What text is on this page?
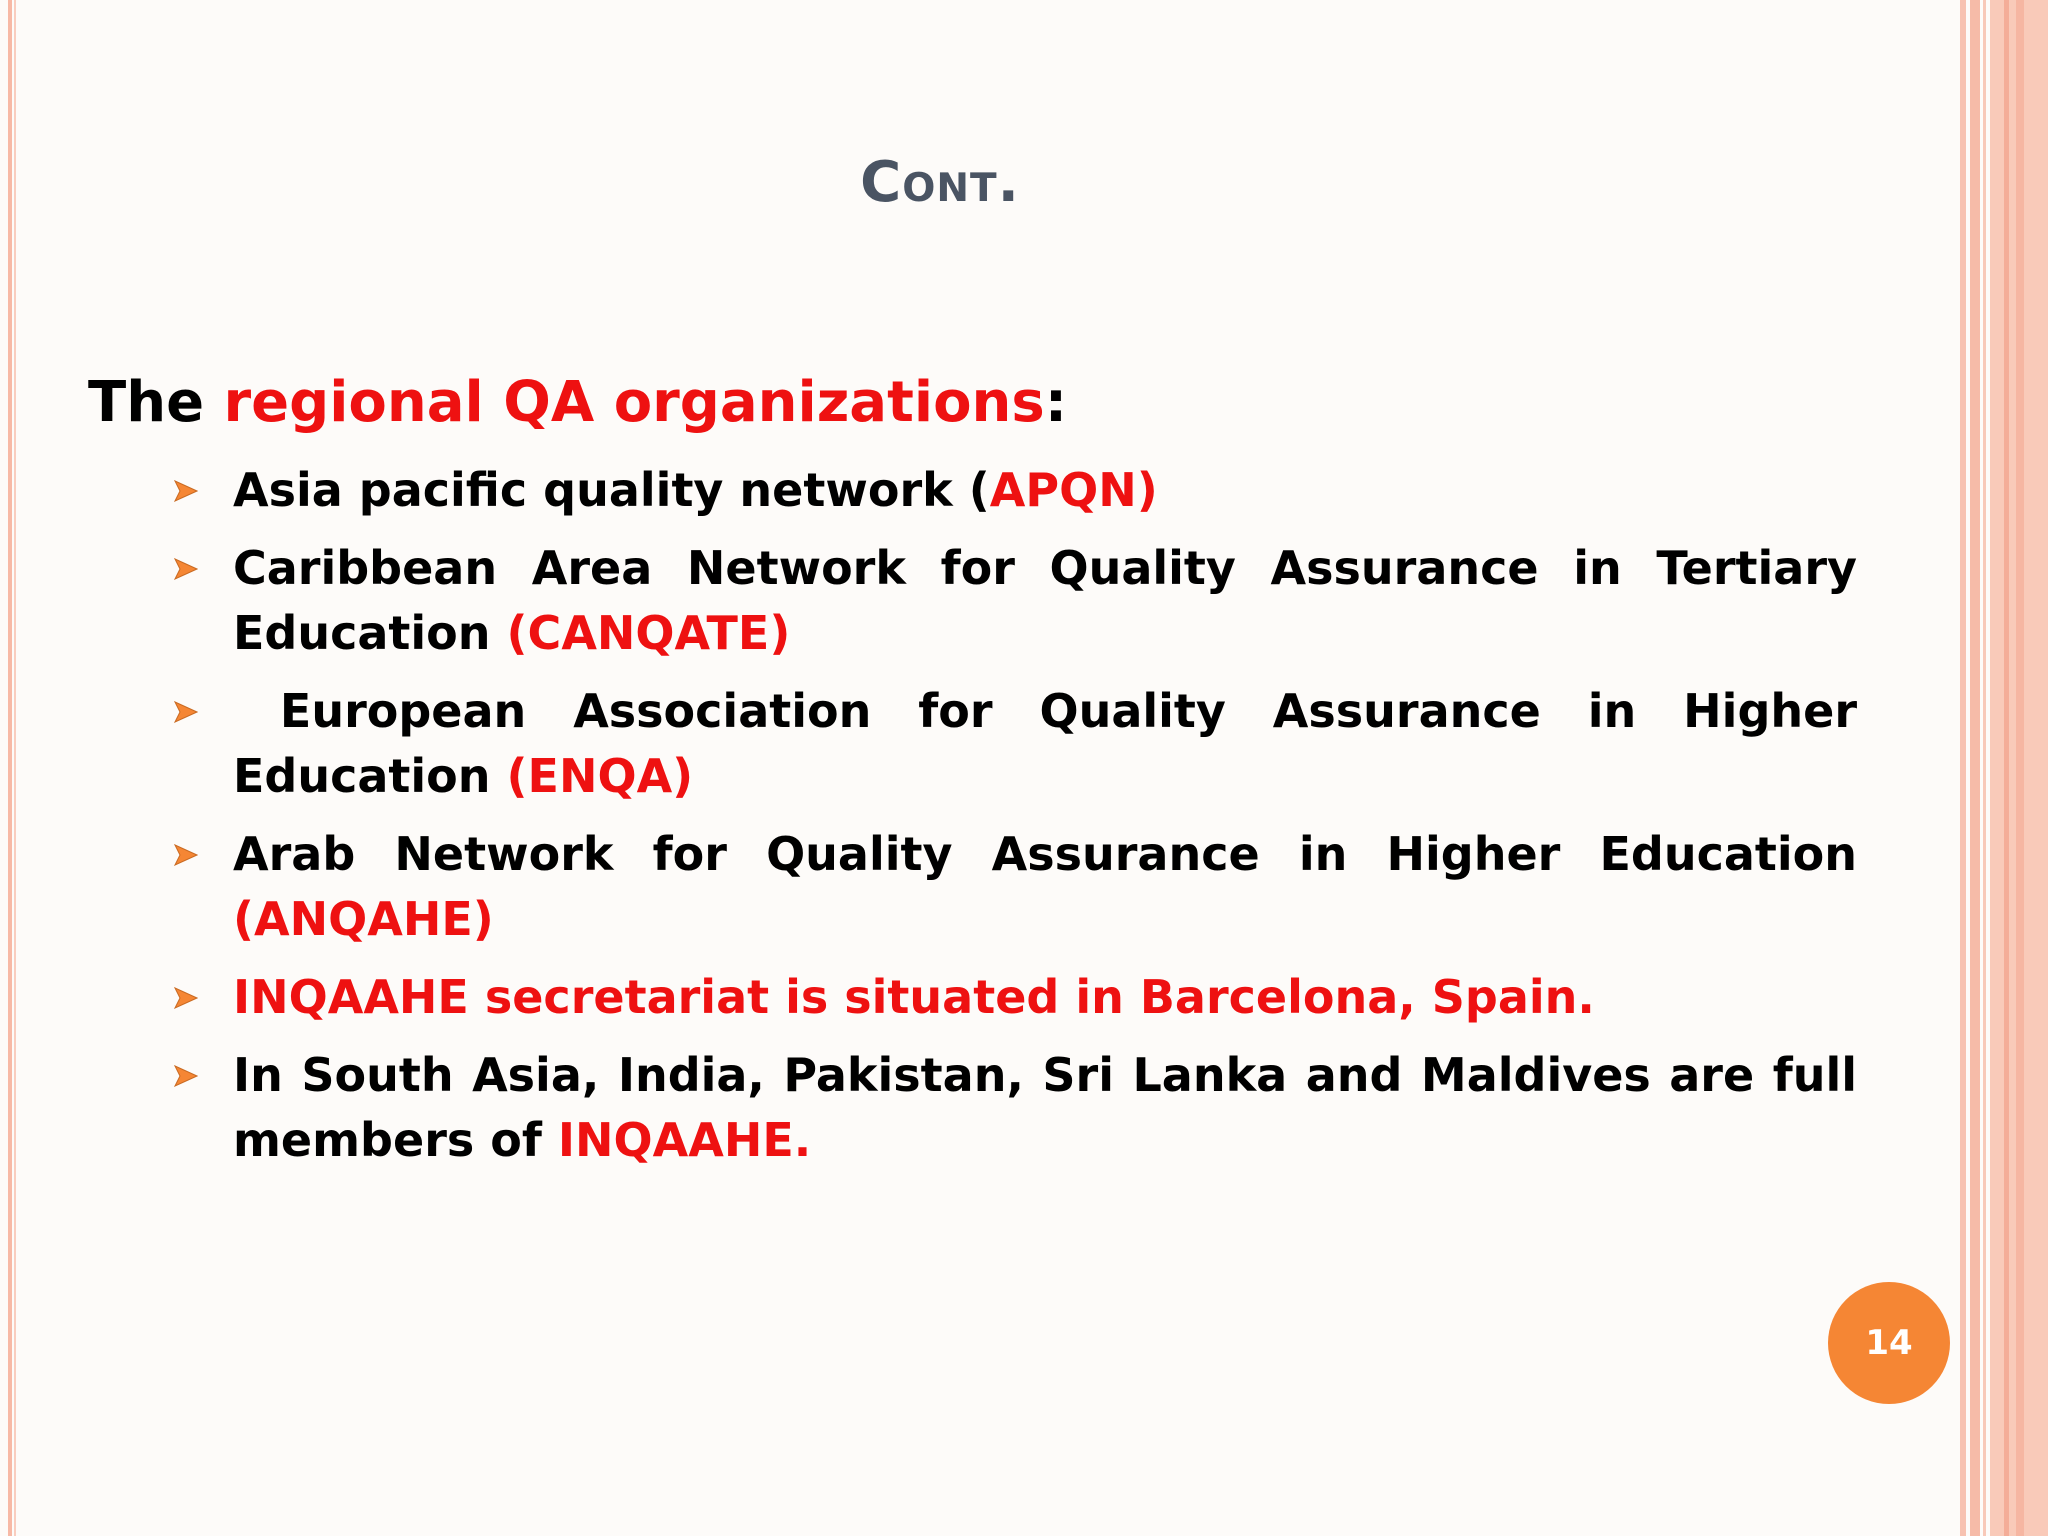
Cont.

The regional QA organizations:

Asia pacific quality network (APQN)
Caribbean Area Network for Quality Assurance in Tertiary Education (CANQATE)
European Association for Quality Assurance in Higher Education (ENQA)
Arab Network for Quality Assurance in Higher Education (ANQAHE)
INQAAHE secretariat is situated in Barcelona, Spain.
In South Asia, India, Pakistan, Sri Lanka and Maldives are full members of INQAAHE.
14
